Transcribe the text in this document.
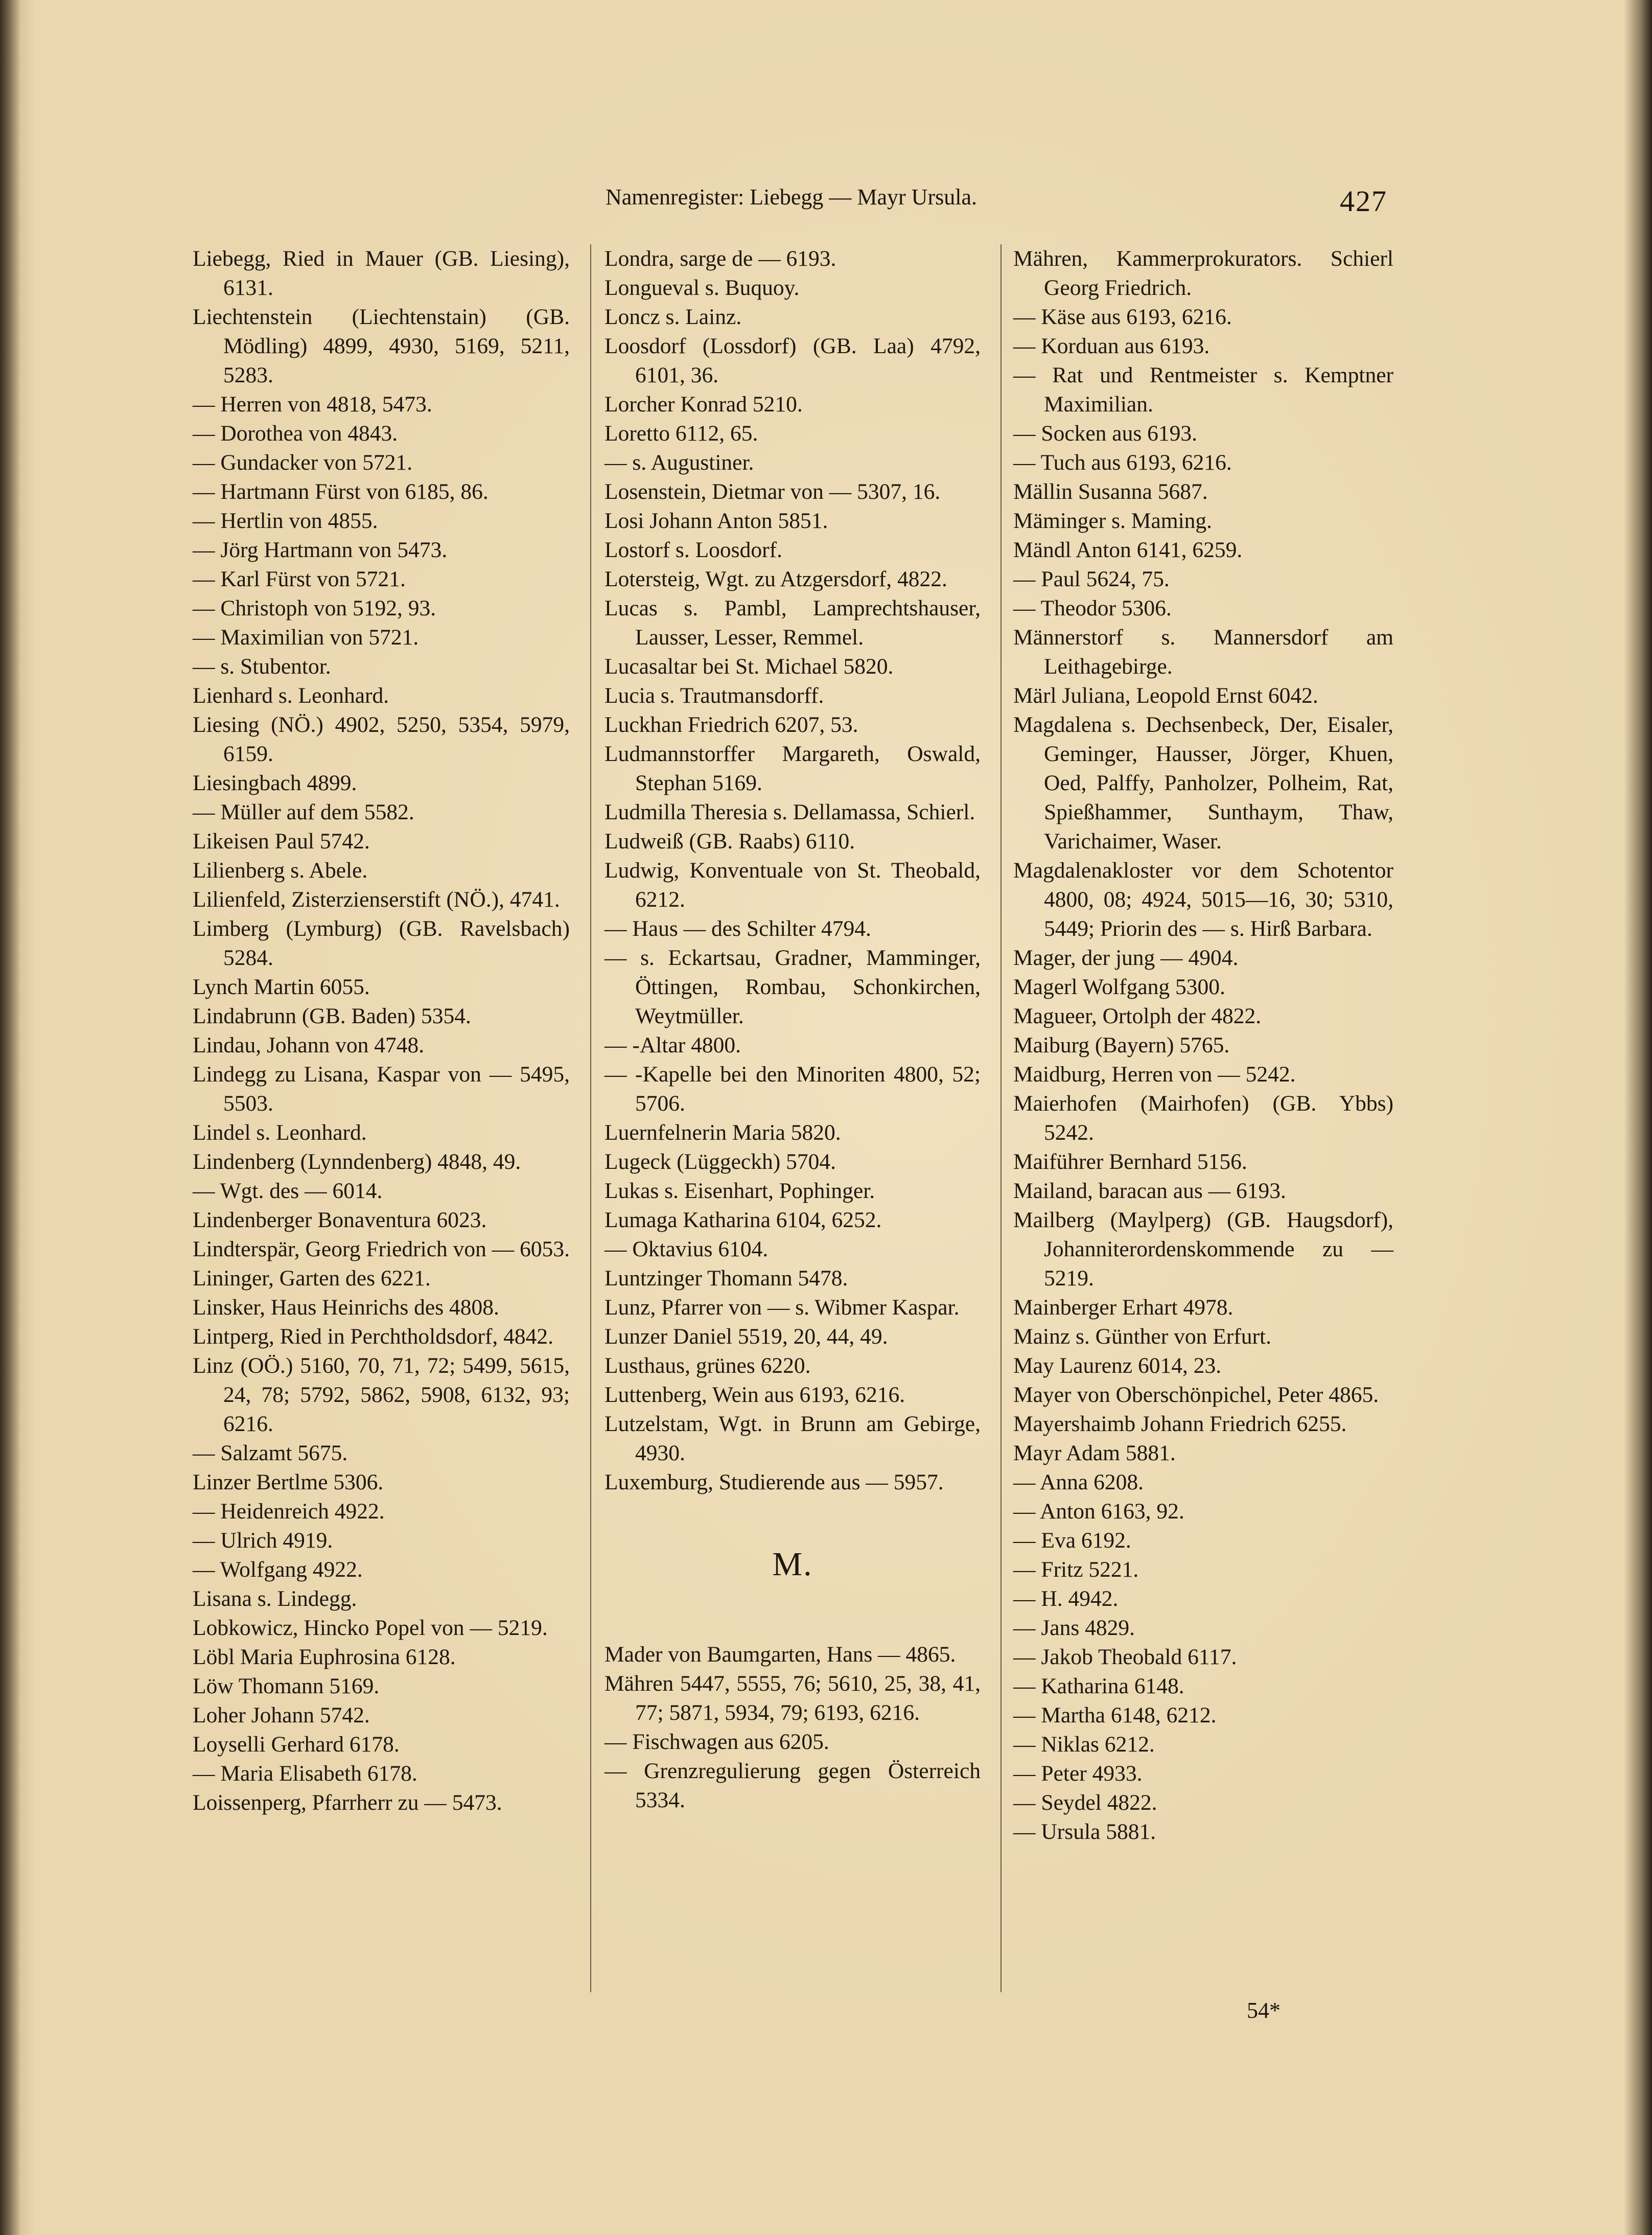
Namenregister: Liebegg — Mayr Ursula.	427

Liebegg, Ried in Mauer (GB. Liesing), 6131.

Liechtenstein (Liechtenstain) (GB. Mödling) 4899, 4930, 5169, 5211, 5283.

— Herren von 4818, 5473.

— Dorothea von 4843.

— Gundacker von 5721.

— Hartmann Fürst von 6185, 86.

— Hertlin von 4855.

— Jörg Hartmann von 5473.

— Karl Fürst von 5721.

— Christoph von 5192, 93.

— Maximilian von 5721.

— s. Stubentor.

Lienhard s. Leonhard.

Liesing (NÖ.) 4902, 5250, 5354, 5979, 6159.

Liesingbach 4899.

— Müller auf dem 5582.

Likeisen Paul 5742.

Lilienberg s. Abele.

Lilienfeld, Zisterzienserstift (NÖ.), 4741.

Limberg (Lymburg) (GB. Ravelsbach) 5284.

Lynch Martin 6055.

Lindabrunn (GB. Baden) 5354.

Lindau, Johann von 4748.

Lindegg zu Lisana, Kaspar von — 5495, 5503.

Lindel s. Leonhard.

Lindenberg (Lynndenberg) 4848, 49.

— Wgt. des — 6014.

Lindenberger Bonaventura 6023.

Lindterspär, Georg Friedrich von — 6053.

Lininger, Garten des 6221.

Linsker, Haus Heinrichs des 4808.

Lintperg, Ried in Perchtholdsdorf, 4842.

Linz (OÖ.) 5160, 70, 71, 72; 5499, 5615, 24, 78; 5792, 5862, 5908, 6132, 93; 6216.

— Salzamt 5675.

Linzer Bertlme 5306.

— Heidenreich 4922.

— Ulrich 4919.

— Wolfgang 4922.

Lisana s. Lindegg.

Lobkowicz, Hincko Popel von — 5219.

Löbl Maria Euphrosina 6128.

Löw Thomann 5169.

Loher Johann 5742.

Loyselli Gerhard 6178.

— Maria Elisabeth 6178.

Loissenperg, Pfarrherr zu — 5473.

Londra, sarge de — 6193.

Longueval s. Buquoy.

Loncz s. Lainz.

Loosdorf (Lossdorf) (GB. Laa) 4792, 6101, 36.

Lorcher Konrad 5210.

Loretto 6112, 65.

— s. Augustiner.

Losenstein, Dietmar von — 5307, 16.

Losi Johann Anton 5851.

Lostorf s. Loosdorf.

Lotersteig, Wgt. zu Atzgersdorf, 4822.

Lucas s. Pambl, Lamprechtshauser, Lausser, Lesser, Remmel.

Lucasaltar bei St. Michael 5820.

Lucia s. Trautmansdorff.

Luckhan Friedrich 6207, 53.

Ludmannstorffer Margareth, Oswald, Stephan 5169.

Ludmilla Theresia s. Dellamassa, Schierl.

Ludweiß (GB. Raabs) 6110.

Ludwig, Konventuale von St. Theobald, 6212.

— Haus — des Schilter 4794.

— s. Eckartsau, Gradner, Mamminger, Öttingen, Rombau, Schonkirchen, Weytmüller.

— -Altar 4800.

— -Kapelle bei den Minoriten 4800, 52; 5706.

Luernfelnerin Maria 5820.

Lugeck (Lüggeckh) 5704.

Lukas s. Eisenhart, Pophinger.

Lumaga Katharina 6104, 6252.

— Oktavius 6104.

Luntzinger Thomann 5478.

Lunz, Pfarrer von — s. Wibmer Kaspar.

Lunzer Daniel 5519, 20, 44, 49.

Lusthaus, grünes 6220.

Luttenberg, Wein aus 6193, 6216.

Lutzelstam, Wgt. in Brunn am Gebirge, 4930.

Luxemburg, Studierende aus — 5957.

M.

Mader von Baumgarten, Hans — 4865.

Mähren 5447, 5555, 76; 5610, 25, 38, 41, 77; 5871, 5934, 79; 6193, 6216.

— Fischwagen aus 6205.

— Grenzregulierung gegen Österreich 5334.

Mähren, Kammerprokurators. Schierl Georg Friedrich.

— Käse aus 6193, 6216.

— Korduan aus 6193.

— Rat und Rentmeister s. Kemptner Maximilian.

— Socken aus 6193.

— Tuch aus 6193, 6216.

Mällin Susanna 5687.

Mäminger s. Maming.

Mändl Anton 6141, 6259.

— Paul 5624, 75.

— Theodor 5306.

Männerstorf s. Mannersdorf am Leithagebirge.

Märl Juliana, Leopold Ernst 6042.

Magdalena s. Dechsenbeck, Der, Eisaler, Geminger, Hausser, Jörger, Khuen, Oed, Palffy, Panholzer, Polheim, Rat, Spießhammer, Sunthaym, Thaw, Varichaimer, Waser.

Magdalenakloster vor dem Schotentor 4800, 08; 4924, 5015—16, 30; 5310, 5449; Priorin des — s. Hirß Barbara.

Mager, der jung — 4904.

Magerl Wolfgang 5300.

Magueer, Ortolph der 4822.

Maiburg (Bayern) 5765.

Maidburg, Herren von — 5242.

Maierhofen (Mairhofen) (GB. Ybbs) 5242.

Maiführer Bernhard 5156.

Mailand, baracan aus — 6193.

Mailberg (Maylperg) (GB. Haugsdorf), Johanniterordenskommende zu — 5219.

Mainberger Erhart 4978.

Mainz s. Günther von Erfurt.

May Laurenz 6014, 23.

Mayer von Oberschönpichel, Peter 4865.

Mayershaimb Johann Friedrich 6255.

Mayr Adam 5881.

— Anna 6208.

— Anton 6163, 92.

— Eva 6192.

— Fritz 5221.

— H. 4942.

— Jans 4829.

— Jakob Theobald 6117.

— Katharina 6148.

— Martha 6148, 6212.

— Niklas 6212.

— Peter 4933.

— Seydel 4822.

— Ursula 5881.

54*
